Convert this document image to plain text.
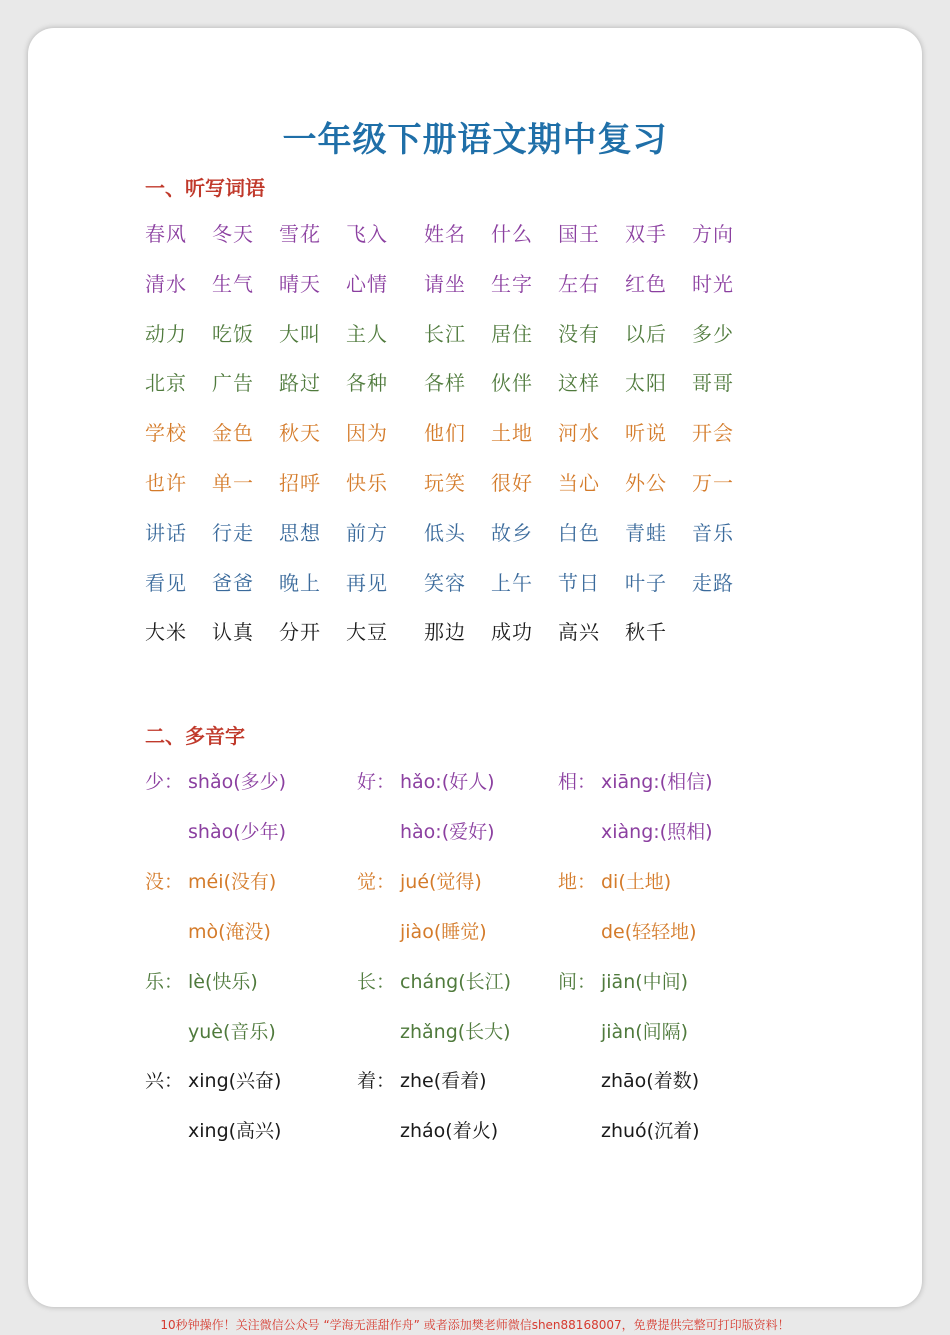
一年级下册语文期中复习
一、听写词语
春风 冬天 雪花 飞入 姓名 什么 国王 双手 方向
清水 生气 晴天 心情 请坐 生字 左右 红色 时光
动力 吃饭 大叫 主人 长江 居住 没有 以后 多少
北京 广告 路过 各种 各样 伙伴 这样 太阳 哥哥
学校 金色 秋天 因为 他们 土地 河水 听说 开会
也许 单一 招呼 快乐 玩笑 很好 当心 外公 万一
讲话 行走 思想 前方 低头 故乡 白色 青蛙 音乐
看见 爸爸 晚上 再见 笑容 上午 节日 叶子 走路
大米 认真 分开 大豆 那边 成功 高兴 秋千
二、多音字
少： shǎo(多少)	好： hǎo:(好人)	相： xiāng:(相信)
shào(少年)	hào:(爱好)	xiàng:(照相)
没： méi(没有)	觉： jué(觉得)	地： di(土地)
mò(淹没)	jiào(睡觉)	de(轻轻地)
乐： lè(快乐)	长： cháng(长江) 间： jiān(中间)
yuè(音乐)	zhǎng(长大)	jiàn(间隔)
兴： xing(兴奋)	着： zhe(看着)	zhāo(着数)
xing(高兴)	zháo(着火)	zhuó(沉着)
10秒钟操作！关注微信公众号 “学海无涯甜作舟” 或者添加樊老师微信shen88168007，免费提供完整可打印版资料！
